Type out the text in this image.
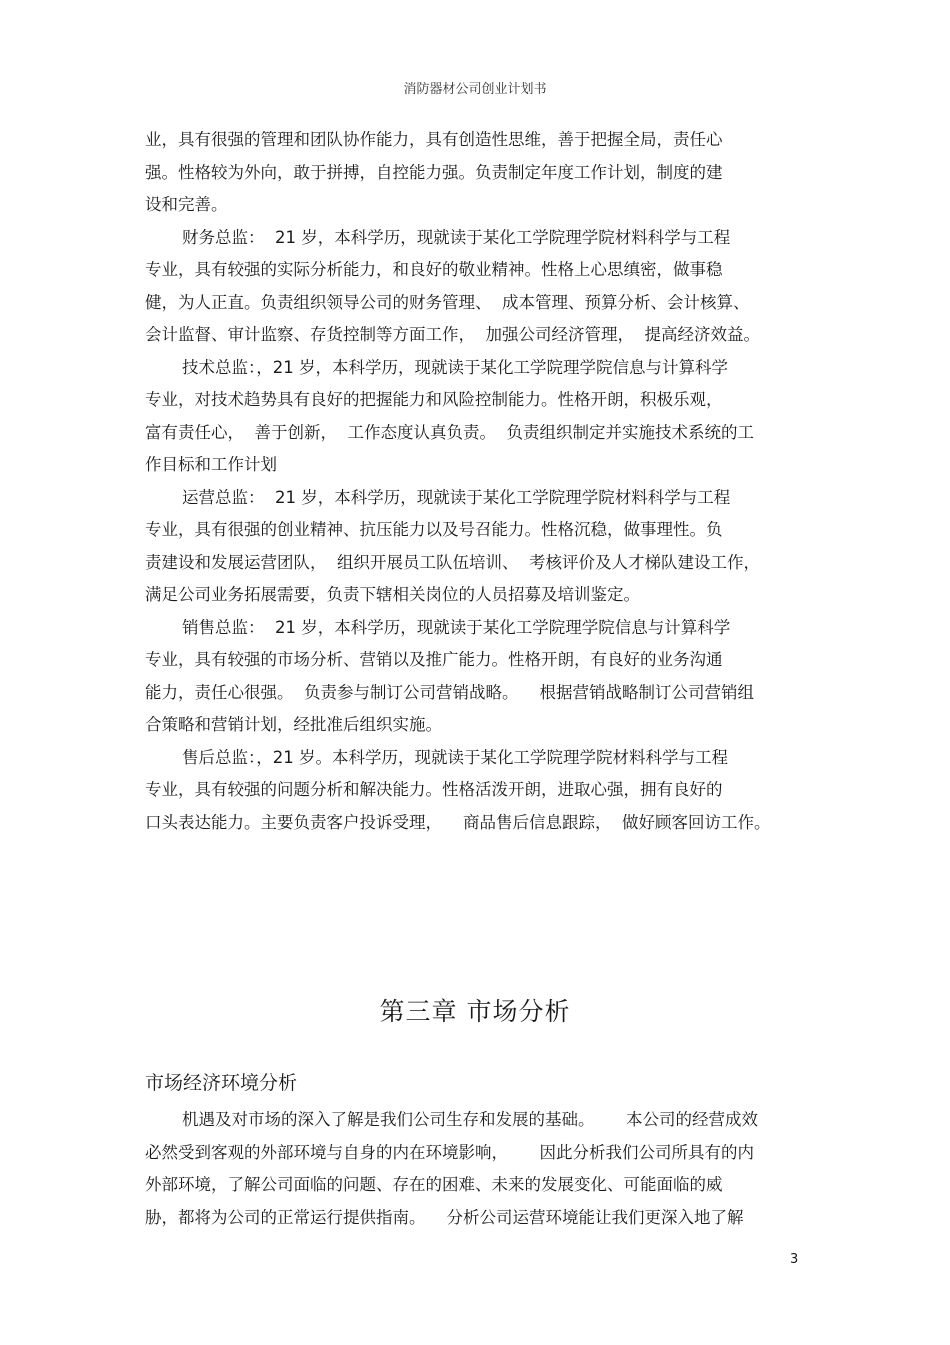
消防器材公司创业计划书
业，具有很强的管理和团队协作能力，具有创造性思维，善于把握全局，责任心
强。性格较为外向，敢于拼搏，自控能力强。负责制定年度工作计划，制度的建
设和完善。
财务总监：  21 岁，本科学历，现就读于某化工学院理学院材料科学与工程
专业，具有较强的实际分析能力，和良好的敬业精神。性格上心思缜密，做事稳
健，为人正直。负责组织领导公司的财务管理、  成本管理、预算分析、会计核算、
会计监督、审计监察、存货控制等方面工作，  加强公司经济管理，  提高经济效益。
技术总监：，21 岁，本科学历，现就读于某化工学院理学院信息与计算科学
专业，对技术趋势具有良好的把握能力和风险控制能力。性格开朗，积极乐观，
富有责任心，  善于创新，  工作态度认真负责。  负责组织制定并实施技术系统的工
作目标和工作计划
运营总监：  21 岁，本科学历，现就读于某化工学院理学院材料科学与工程
专业，具有很强的创业精神、抗压能力以及号召能力。性格沉稳，做事理性。负
责建设和发展运营团队，  组织开展员工队伍培训、  考核评价及人才梯队建设工作，
满足公司业务拓展需要，负责下辖相关岗位的人员招募及培训鉴定。
销售总监：  21 岁，本科学历，现就读于某化工学院理学院信息与计算科学
专业，具有较强的市场分析、营销以及推广能力。性格开朗，有良好的业务沟通
能力，责任心很强。  负责参与制订公司营销战略。    根据营销战略制订公司营销组
合策略和营销计划，经批准后组织实施。
售后总监：，21 岁。本科学历，现就读于某化工学院理学院材料科学与工程
专业，具有较强的问题分析和解决能力。性格活泼开朗，进取心强，拥有良好的
口头表达能力。主要负责客户投诉受理，    商品售后信息跟踪，  做好顾客回访工作。
第三章 市场分析
市场经济环境分析
机遇及对市场的深入了解是我们公司生存和发展的基础。      本公司的经营成效
必然受到客观的外部环境与自身的内在环境影响，      因此分析我们公司所具有的内
外部环境，了解公司面临的问题、存在的困难、未来的发展变化、可能面临的威
胁，都将为公司的正常运行提供指南。    分析公司运营环境能让我们更深入地了解
3
